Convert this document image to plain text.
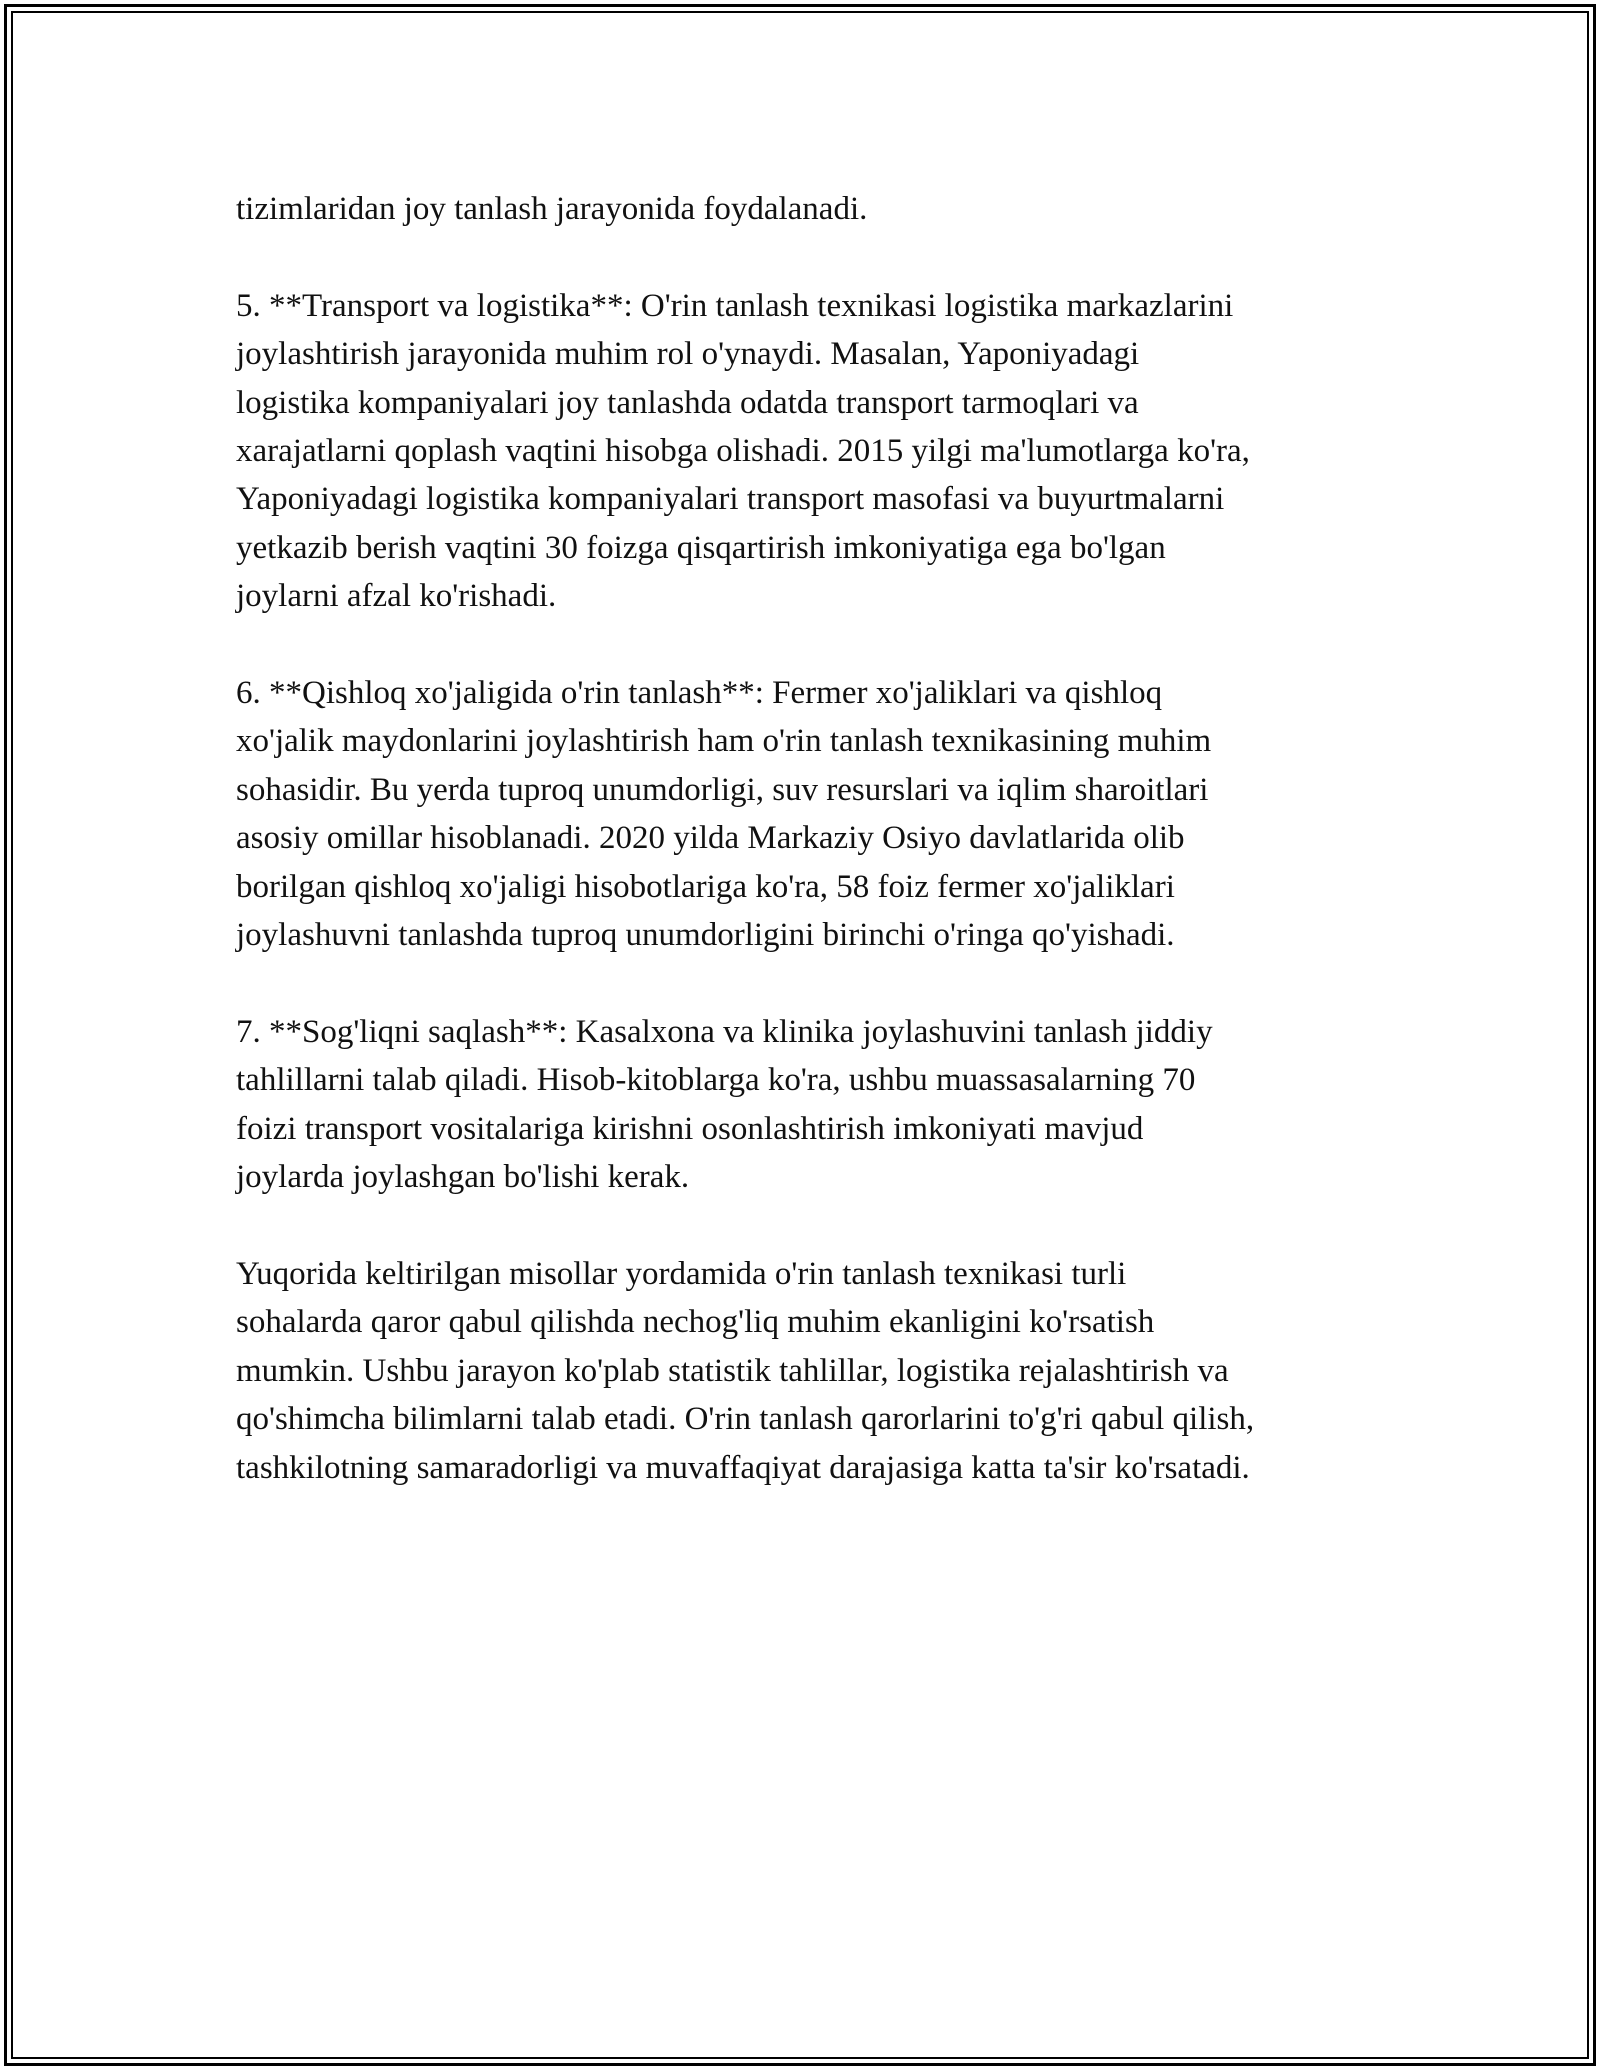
tizimlaridan joy tanlash jarayonida foydalanadi.

5. **Transport va logistika**: O'rin tanlash texnikasi logistika markazlarini
joylashtirish jarayonida muhim rol o'ynaydi. Masalan, Yaponiyadagi
logistika kompaniyalari joy tanlashda odatda transport tarmoqlari va
xarajatlarni qoplash vaqtini hisobga olishadi. 2015 yilgi ma'lumotlarga ko'ra,
Yaponiyadagi logistika kompaniyalari transport masofasi va buyurtmalarni
yetkazib berish vaqtini 30 foizga qisqartirish imkoniyatiga ega bo'lgan
joylarni afzal ko'rishadi.

6. **Qishloq xo'jaligida o'rin tanlash**: Fermer xo'jaliklari va qishloq
xo'jalik maydonlarini joylashtirish ham o'rin tanlash texnikasining muhim
sohasidir. Bu yerda tuproq unumdorligi, suv resurslari va iqlim sharoitlari
asosiy omillar hisoblanadi. 2020 yilda Markaziy Osiyo davlatlarida olib
borilgan qishloq xo'jaligi hisobotlariga ko'ra, 58 foiz fermer xo'jaliklari
joylashuvni tanlashda tuproq unumdorligini birinchi o'ringa qo'yishadi.

7. **Sog'liqni saqlash**: Kasalxona va klinika joylashuvini tanlash jiddiy
tahlillarni talab qiladi. Hisob-kitoblarga ko'ra, ushbu muassasalarning 70
foizi transport vositalariga kirishni osonlashtirish imkoniyati mavjud
joylarda joylashgan bo'lishi kerak.

Yuqorida keltirilgan misollar yordamida o'rin tanlash texnikasi turli
sohalarda qaror qabul qilishda nechog'liq muhim ekanligini ko'rsatish
mumkin. Ushbu jarayon ko'plab statistik tahlillar, logistika rejalashtirish va
qo'shimcha bilimlarni talab etadi. O'rin tanlash qarorlarini to'g'ri qabul qilish,
tashkilotning samaradorligi va muvaffaqiyat darajasiga katta ta'sir ko'rsatadi.
